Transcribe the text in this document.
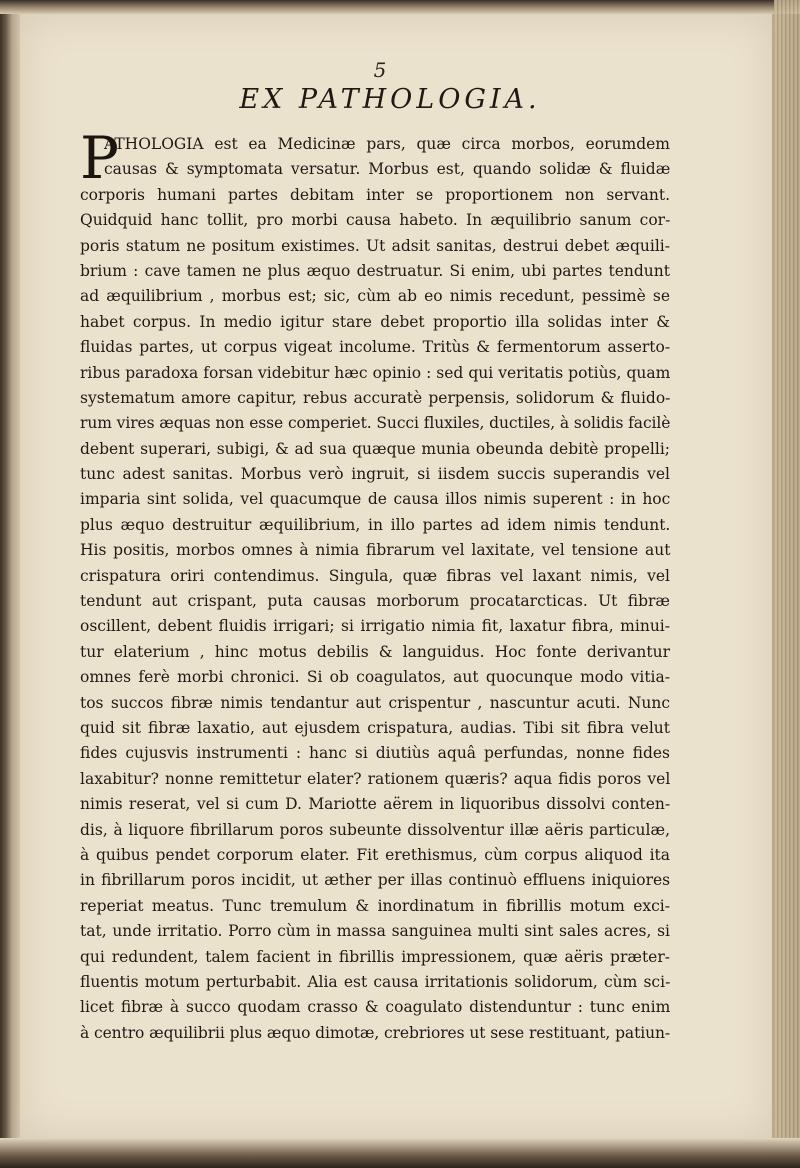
5
EX PATHOLOGIA.
P
ATHOLOGIA est ea Medicinæ pars, quæ circa morbos, eorumdem
causas & symptomata versatur. Morbus est, quando solidæ & fluidæ
corporis humani partes debitam inter se proportionem non servant.
Quidquid hanc tollit, pro morbi causa habeto. In æquilibrio sanum cor-
poris statum ne positum existimes. Ut adsit sanitas, destrui debet æquili-
brium : cave tamen ne plus æquo destruatur. Si enim, ubi partes tendunt
ad æquilibrium , morbus est; sic, cùm ab eo nimis recedunt, pessimè se
habet corpus. In medio igitur stare debet proportio illa solidas inter &
fluidas partes, ut corpus vigeat incolume. Tritùs & fermentorum asserto-
ribus paradoxa forsan videbitur hæc opinio : sed qui veritatis potiùs, quam
systematum amore capitur, rebus accuratè perpensis, solidorum & fluido-
rum vires æquas non esse comperiet. Succi fluxiles, ductiles, à solidis facilè
debent superari, subigi, & ad sua quæque munia obeunda debitè propelli;
tunc adest sanitas. Morbus verò ingruit, si iisdem succis superandis vel
imparia sint solida, vel quacumque de causa illos nimis superent : in hoc
plus æquo destruitur æquilibrium, in illo partes ad idem nimis tendunt.
His positis, morbos omnes à nimia fibrarum vel laxitate, vel tensione aut
crispatura oriri contendimus. Singula, quæ fibras vel laxant nimis, vel
tendunt aut crispant, puta causas morborum procatarcticas. Ut fibræ
oscillent, debent fluidis irrigari; si irrigatio nimia fit, laxatur fibra, minui-
tur elaterium , hinc motus debilis & languidus. Hoc fonte derivantur
omnes ferè morbi chronici. Si ob coagulatos, aut quocunque modo vitia-
tos succos fibræ nimis tendantur aut crispentur , nascuntur acuti. Nunc
quid sit fibræ laxatio, aut ejusdem crispatura, audias. Tibi sit fibra velut
fides cujusvis instrumenti : hanc si diutiùs aquâ perfundas, nonne fides
laxabitur? nonne remittetur elater? rationem quæris? aqua fidis poros vel
nimis reserat, vel si cum D. Mariotte aërem in liquoribus dissolvi conten-
dis, à liquore fibrillarum poros subeunte dissolventur illæ aëris particulæ,
à quibus pendet corporum elater. Fit erethismus, cùm corpus aliquod ita
in fibrillarum poros incidit, ut æther per illas continuò effluens iniquiores
reperiat meatus. Tunc tremulum & inordinatum in fibrillis motum exci-
tat, unde irritatio. Porro cùm in massa sanguinea multi sint sales acres, si
qui redundent, talem facient in fibrillis impressionem, quæ aëris præter-
fluentis motum perturbabit. Alia est causa irritationis solidorum, cùm sci-
licet fibræ à succo quodam crasso & coagulato distenduntur : tunc enim
à centro æquilibrii plus æquo dimotæ, crebriores ut sese restituant, patiun-
